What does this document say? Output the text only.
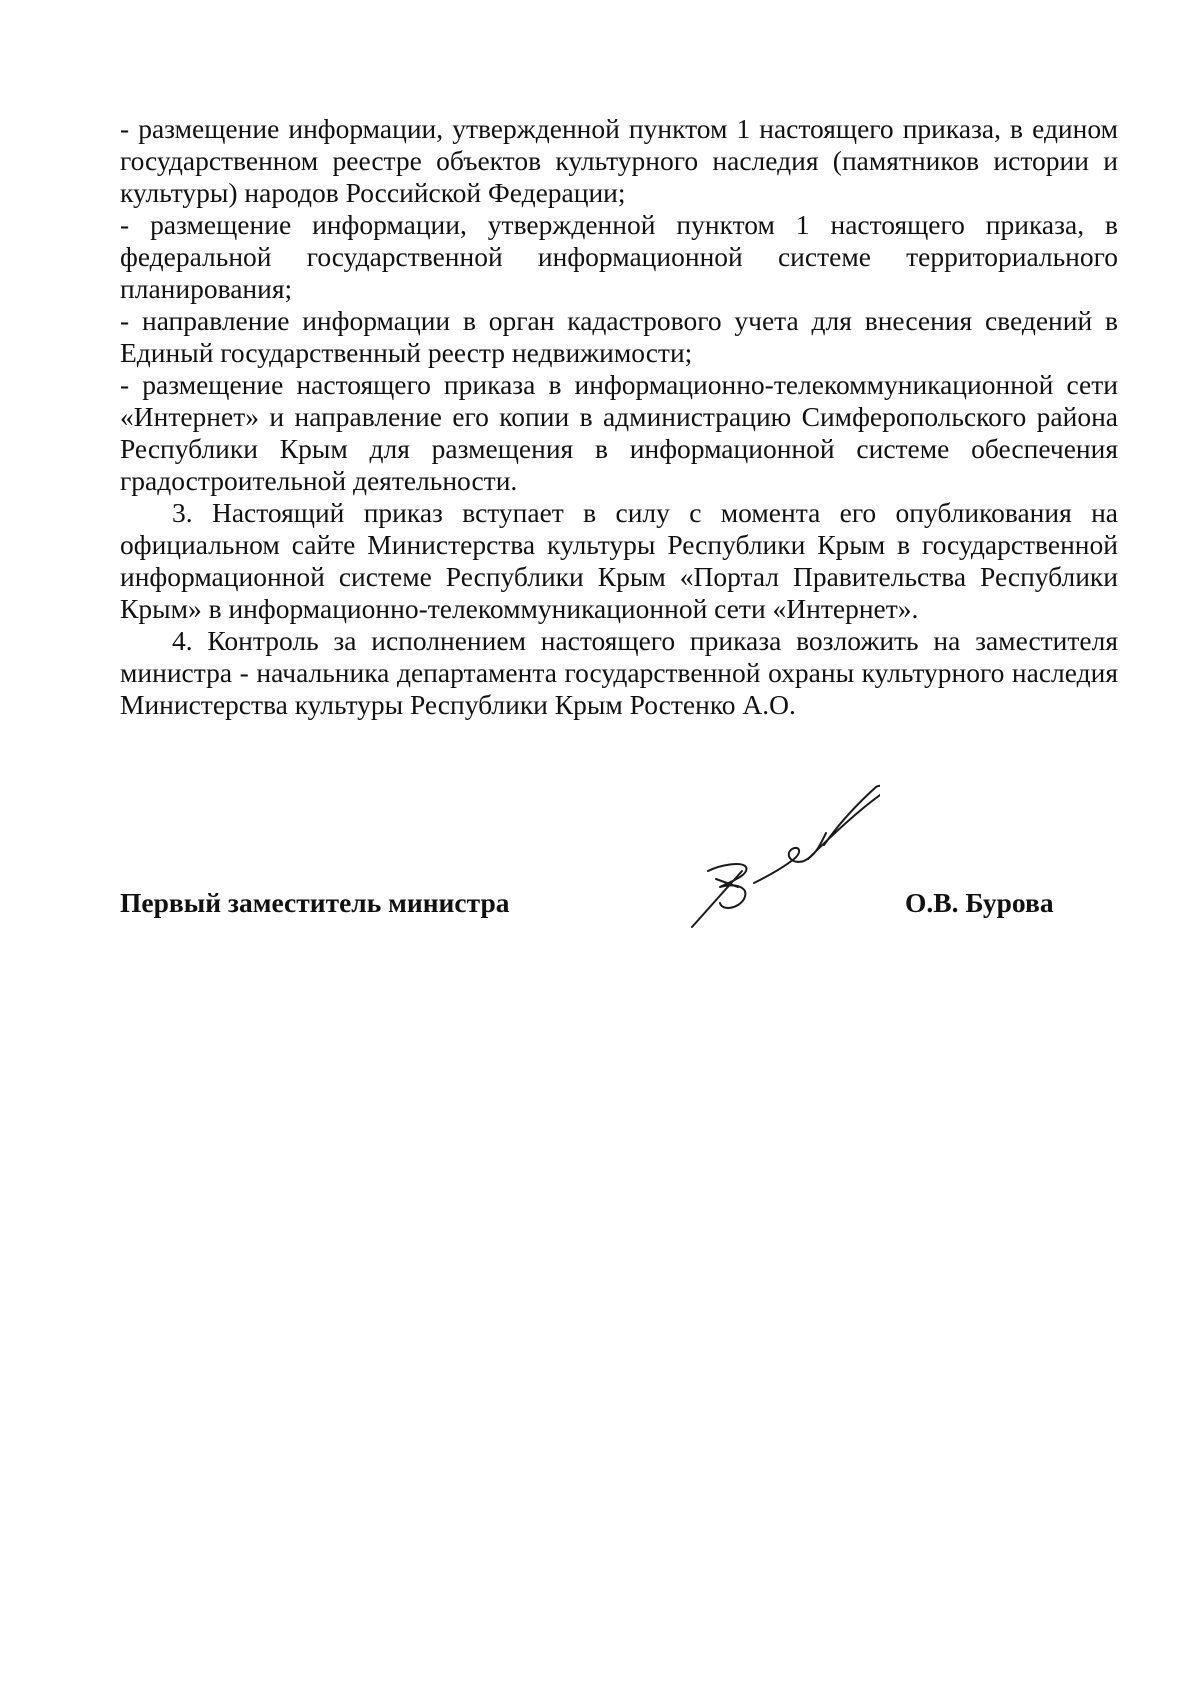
- размещение информации, утвержденной пунктом 1 настоящего приказа, в едином государственном реестре объектов культурного наследия (памятников истории и культуры) народов Российской Федерации;

- размещение информации, утвержденной пунктом 1 настоящего приказа, в федеральной государственной информационной системе территориального планирования;

- направление информации в орган кадастрового учета для внесения сведений в Единый государственный реестр недвижимости;

- размещение настоящего приказа в информационно-телекоммуникационной сети «Интернет» и направление его копии в администрацию Симферопольского района Республики Крым для размещения в информационной системе обеспечения градостроительной деятельности.

3. Настоящий приказ вступает в силу с момента его опубликования на официальном сайте Министерства культуры Республики Крым в государственной информационной системе Республики Крым «Портал Правительства Республики Крым» в информационно-телекоммуникационной сети «Интернет».

4. Контроль за исполнением настоящего приказа возложить на заместителя министра - начальника департамента государственной охраны культурного наследия Министерства культуры Республики Крым Ростенко А.О.

Первый заместитель министра	О.В. Бурова
